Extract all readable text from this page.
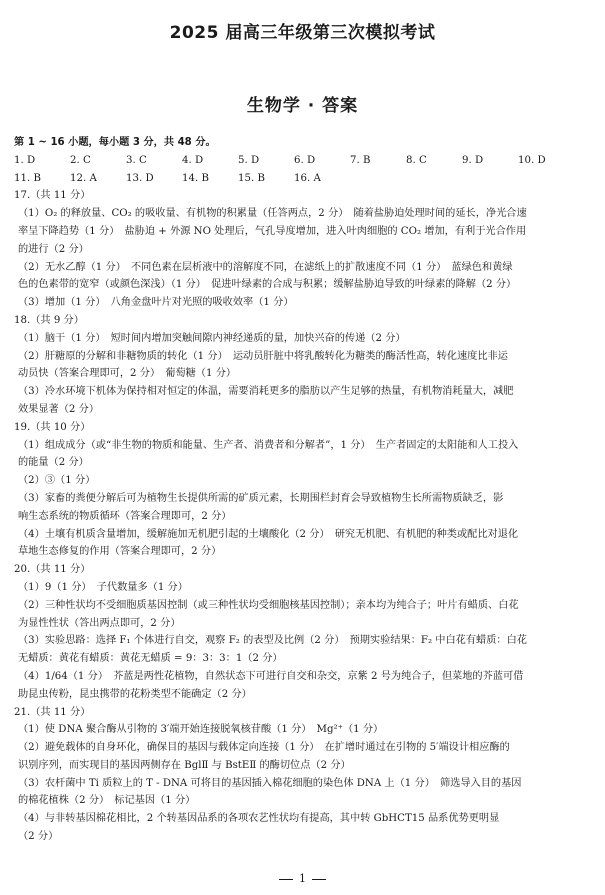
2025 届高三年级第三次模拟考试
生物学 · 答案
第 1 ~ 16 小题，每小题 3 分，共 48 分。
1. D	2. C	3. C	4. D	5. D	6. D	7. B	8. C	9. D	10. D
11. B	12. A	13. D	14. B	15. B	16. A
17.（共 11 分）
（1）O₂ 的释放量、CO₂ 的吸收量、有机物的积累量（任答两点，2 分）　随着盐胁迫处理时间的延长，净光合速
率呈下降趋势（1 分）　盐胁迫 + 外源 NO 处理后，气孔导度增加，进入叶肉细胞的 CO₂ 增加，有利于光合作用
的进行（2 分）
（2）无水乙醇（1 分）　不同色素在层析液中的溶解度不同，在滤纸上的扩散速度不同（1 分）　蓝绿色和黄绿
色的色素带的宽窄（或颜色深浅）（1 分）　促进叶绿素的合成与积累；缓解盐胁迫导致的叶绿素的降解（2 分）
（3）增加（1 分）　八角金盘叶片对光照的吸收效率（1 分）
18.（共 9 分）
（1）脑干（1 分）　短时间内增加突触间隙内神经递质的量，加快兴奋的传递（2 分）
（2）肝糖原的分解和非糖物质的转化（1 分）　运动员肝脏中将乳酸转化为糖类的酶活性高，转化速度比非运
动员快（答案合理即可，2 分）　葡萄糖（1 分）
（3）冷水环境下机体为保持相对恒定的体温，需要消耗更多的脂肪以产生足够的热量，有机物消耗量大，减肥
效果显著（2 分）
19.（共 10 分）
（1）组成成分（或“非生物的物质和能量、生产者、消费者和分解者”，1 分）　生产者固定的太阳能和人工投入
的能量（2 分）
（2）③（1 分）
（3）家畜的粪便分解后可为植物生长提供所需的矿质元素，长期围栏封育会导致植物生长所需物质缺乏，影
响生态系统的物质循环（答案合理即可，2 分）
（4）土壤有机质含量增加，缓解施加无机肥引起的土壤酸化（2 分）　研究无机肥、有机肥的种类或配比对退化
草地生态修复的作用（答案合理即可，2 分）
20.（共 11 分）
（1）9（1 分）　子代数量多（1 分）
（2）三种性状均不受细胞质基因控制（或三种性状均受细胞核基因控制）；亲本均为纯合子；叶片有蜡质、白花
为显性性状（答出两点即可，2 分）
（3）实验思路：选择 F₁ 个体进行自交，观察 F₂ 的表型及比例（2 分）　预期实验结果：F₂ 中白花有蜡质：白花
无蜡质：黄花有蜡质：黄花无蜡质 = 9：3：3：1（2 分）
（4）1/64（1 分）　芥蓝是两性花植物，自然状态下可进行自交和杂交，京紫 2 号为纯合子，但菜地的芥蓝可借
助昆虫传粉，昆虫携带的花粉类型不能确定（2 分）
21.（共 11 分）
（1）使 DNA 聚合酶从引物的 3′端开始连接脱氧核苷酸（1 分）　Mg²⁺（1 分）
（2）避免载体的自身环化，确保目的基因与载体定向连接（1 分）　在扩增时通过在引物的 5′端设计相应酶的
识别序列，而实现目的基因两侧存在 BglⅡ 与 BstEⅡ 的酶切位点（2 分）
（3）农杆菌中 Ti 质粒上的 T - DNA 可将目的基因插入棉花细胞的染色体 DNA 上（1 分）　筛选导入目的基因
的棉花植株（2 分）　标记基因（1 分）
（4）与非转基因棉花相比，2 个转基因品系的各项农艺性状均有提高，其中转 GbHCT15 品系优势更明显
（2 分）
1
